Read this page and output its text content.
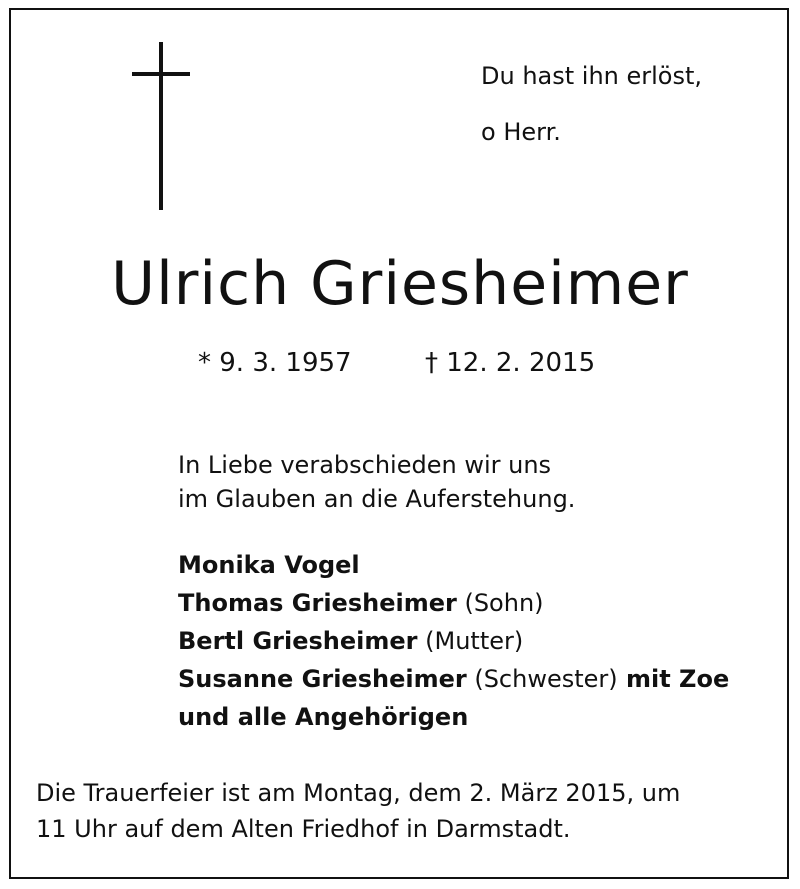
Du hast ihn erlöst,
o Herr.
Ulrich Griesheimer
* 9. 3. 1957	† 12. 2. 2015
In Liebe verabschieden wir uns
im Glauben an die Auferstehung.
Monika Vogel
Thomas Griesheimer (Sohn)
Bertl Griesheimer (Mutter)
Susanne Griesheimer (Schwester) mit Zoe
und alle Angehörigen
Die Trauerfeier ist am Montag, dem 2. März 2015, um
11 Uhr auf dem Alten Friedhof in Darmstadt.
